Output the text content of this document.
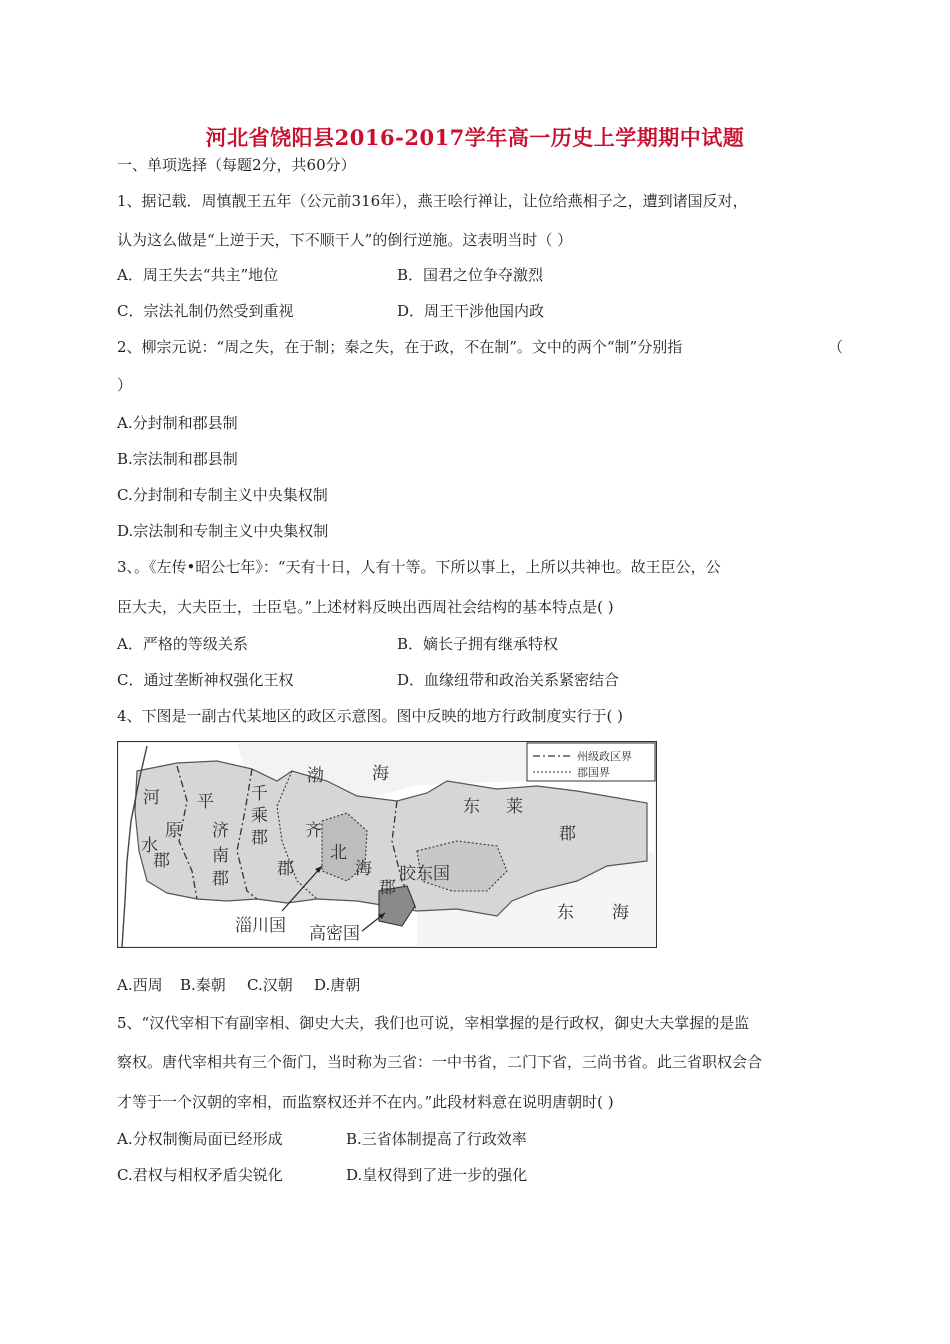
河北省饶阳县2016-2017学年高一历史上学期期中试题
一、单项选择（每题2分，共60分）
1、据记载．周慎靓王五年（公元前316年），燕王哙行禅让，让位给燕相子之，遭到诸国反对，
认为这么做是“上逆于天，下不顺干人”的倒行逆施。这表明当时（ ）
A．周王失去“共主”地位	B．国君之位争夺激烈
C．宗法礼制仍然受到重视	D．周王干涉他国内政
2、柳宗元说：“周之失，在于制；秦之失，在于政，不在制”。文中的两个“制”分别指	（
）
A.分封制和郡县制
B.宗法制和郡县制
C.分封制和专制主义中央集权制
D.宗法制和专制主义中央集权制
3、。《左传•昭公七年》：“天有十日，人有十等。下所以事上，上所以共神也。故王臣公，公
臣大夫，大夫臣士，士臣皂。”上述材料反映出西周社会结构的基本特点是( )
A．严格的等级关系	B．嫡长子拥有继承特权
C．通过垄断神权强化王权	D．血缘纽带和政治关系紧密结合
4、下图是一副古代某地区的政区示意图。图中反映的地方行政制度实行于( )
州级政区界
郡国界
渤	海
河 平
原
水
郡
千
乘
郡
济
南
郡
齐
郡
北
海
郡
东 莱
郡
胶东国
东 海
淄川国 高密国
A.西周 B.秦朝 C.汉朝 D.唐朝
5、“汉代宰相下有副宰相、御史大夫，我们也可说，宰相掌握的是行政权，御史大夫掌握的是监
察权。唐代宰相共有三个衙门，当时称为三省：一中书省，二门下省，三尚书省。此三省职权会合
才等于一个汉朝的宰相，而监察权还并不在内。”此段材料意在说明唐朝时( )
A.分权制衡局面已经形成	B.三省体制提高了行政效率
C.君权与相权矛盾尖锐化	D.皇权得到了进一步的强化
